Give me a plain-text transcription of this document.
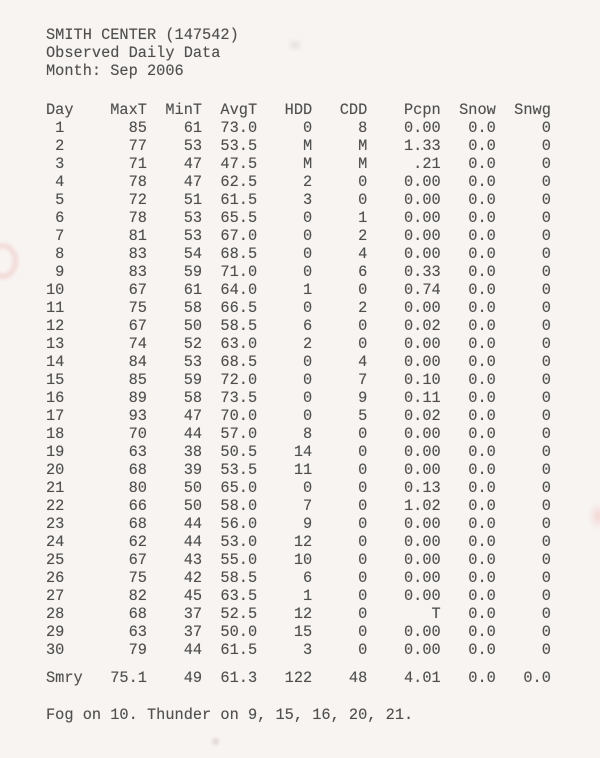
SMITH CENTER (147542)
Observed Daily Data
Month: Sep 2006
Day    MaxT  MinT  AvgT   HDD   CDD    Pcpn  Snow  Snwg
1       85    61  73.0     0     8    0.00   0.0     0
2       77    53  53.5     M     M    1.33   0.0     0
3       71    47  47.5     M     M     .21   0.0     0
4       78    47  62.5     2     0    0.00   0.0     0
5       72    51  61.5     3     0    0.00   0.0     0
6       78    53  65.5     0     1    0.00   0.0     0
7       81    53  67.0     0     2    0.00   0.0     0
8       83    54  68.5     0     4    0.00   0.0     0
9       83    59  71.0     0     6    0.33   0.0     0
10       67    61  64.0     1     0    0.74   0.0     0
11       75    58  66.5     0     2    0.00   0.0     0
12       67    50  58.5     6     0    0.02   0.0     0
13       74    52  63.0     2     0    0.00   0.0     0
14       84    53  68.5     0     4    0.00   0.0     0
15       85    59  72.0     0     7    0.10   0.0     0
16       89    58  73.5     0     9    0.11   0.0     0
17       93    47  70.0     0     5    0.02   0.0     0
18       70    44  57.0     8     0    0.00   0.0     0
19       63    38  50.5    14     0    0.00   0.0     0
20       68    39  53.5    11     0    0.00   0.0     0
21       80    50  65.0     0     0    0.13   0.0     0
22       66    50  58.0     7     0    1.02   0.0     0
23       68    44  56.0     9     0    0.00   0.0     0
24       62    44  53.0    12     0    0.00   0.0     0
25       67    43  55.0    10     0    0.00   0.0     0
26       75    42  58.5     6     0    0.00   0.0     0
27       82    45  63.5     1     0    0.00   0.0     0
28       68    37  52.5    12     0       T   0.0     0
29       63    37  50.0    15     0    0.00   0.0     0
30       79    44  61.5     3     0    0.00   0.0     0
Smry   75.1    49  61.3   122    48    4.01   0.0   0.0
Fog on 10. Thunder on 9, 15, 16, 20, 21.
